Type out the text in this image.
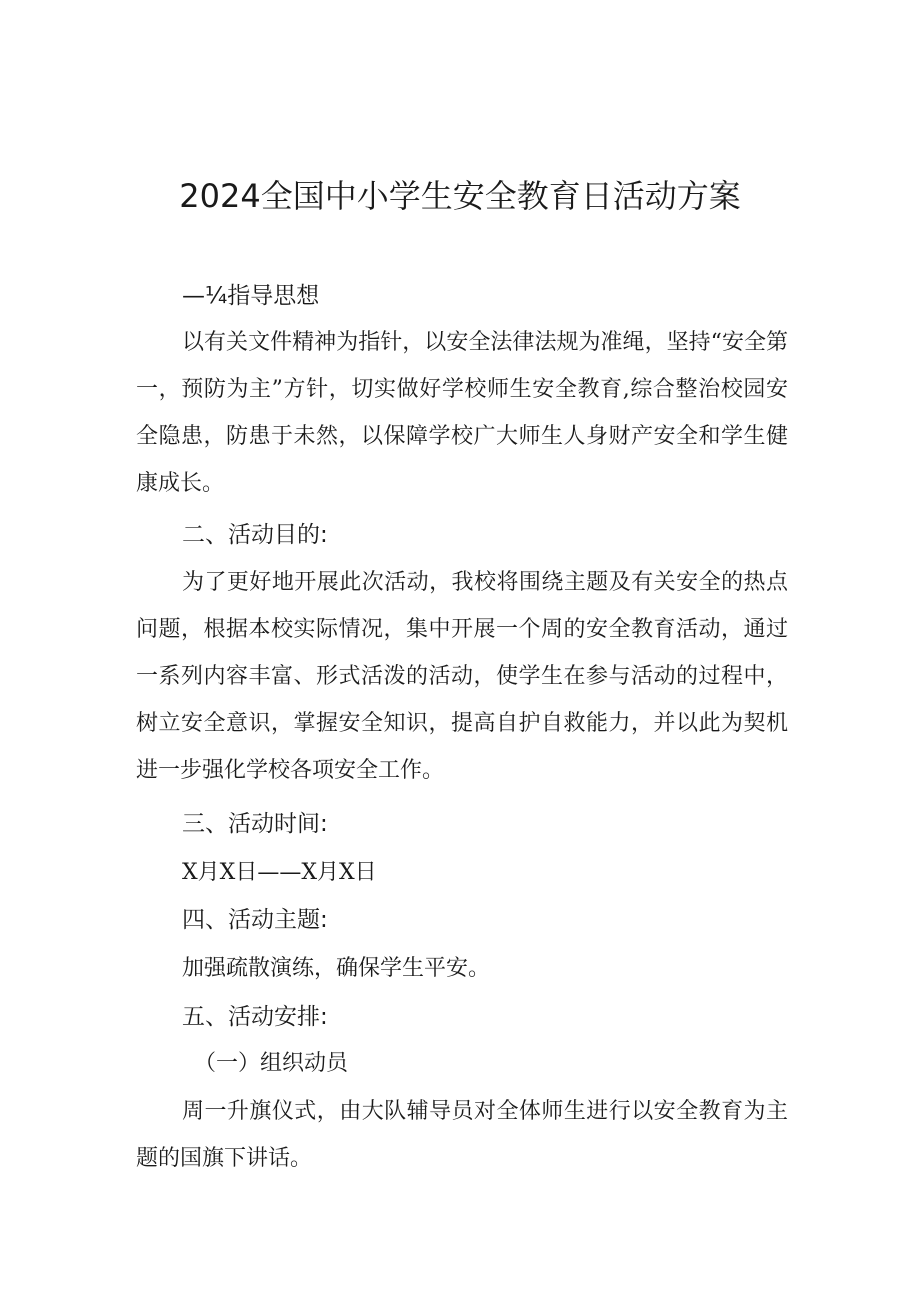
2024全国中小学生安全教育日活动方案
—¼指导思想
以有关文件精神为指针，以安全法律法规为准绳，坚持“安全第一，预防为主”方针，切实做好学校师生安全教育,综合整治校园安全隐患，防患于未然，以保障学校广大师生人身财产安全和学生健康成长。
二、活动目的:
为了更好地开展此次活动，我校将围绕主题及有关安全的热点问题，根据本校实际情况，集中开展一个周的安全教育活动，通过一系列内容丰富、形式活泼的活动，使学生在参与活动的过程中，树立安全意识，掌握安全知识，提高自护自救能力，并以此为契机进一步强化学校各项安全工作。
三、活动时间:
X月X日——X月X日
四、活动主题:
加强疏散演练，确保学生平安。
五、活动安排:
（一）组织动员
周一升旗仪式，由大队辅导员对全体师生进行以安全教育为主题的国旗下讲话。
